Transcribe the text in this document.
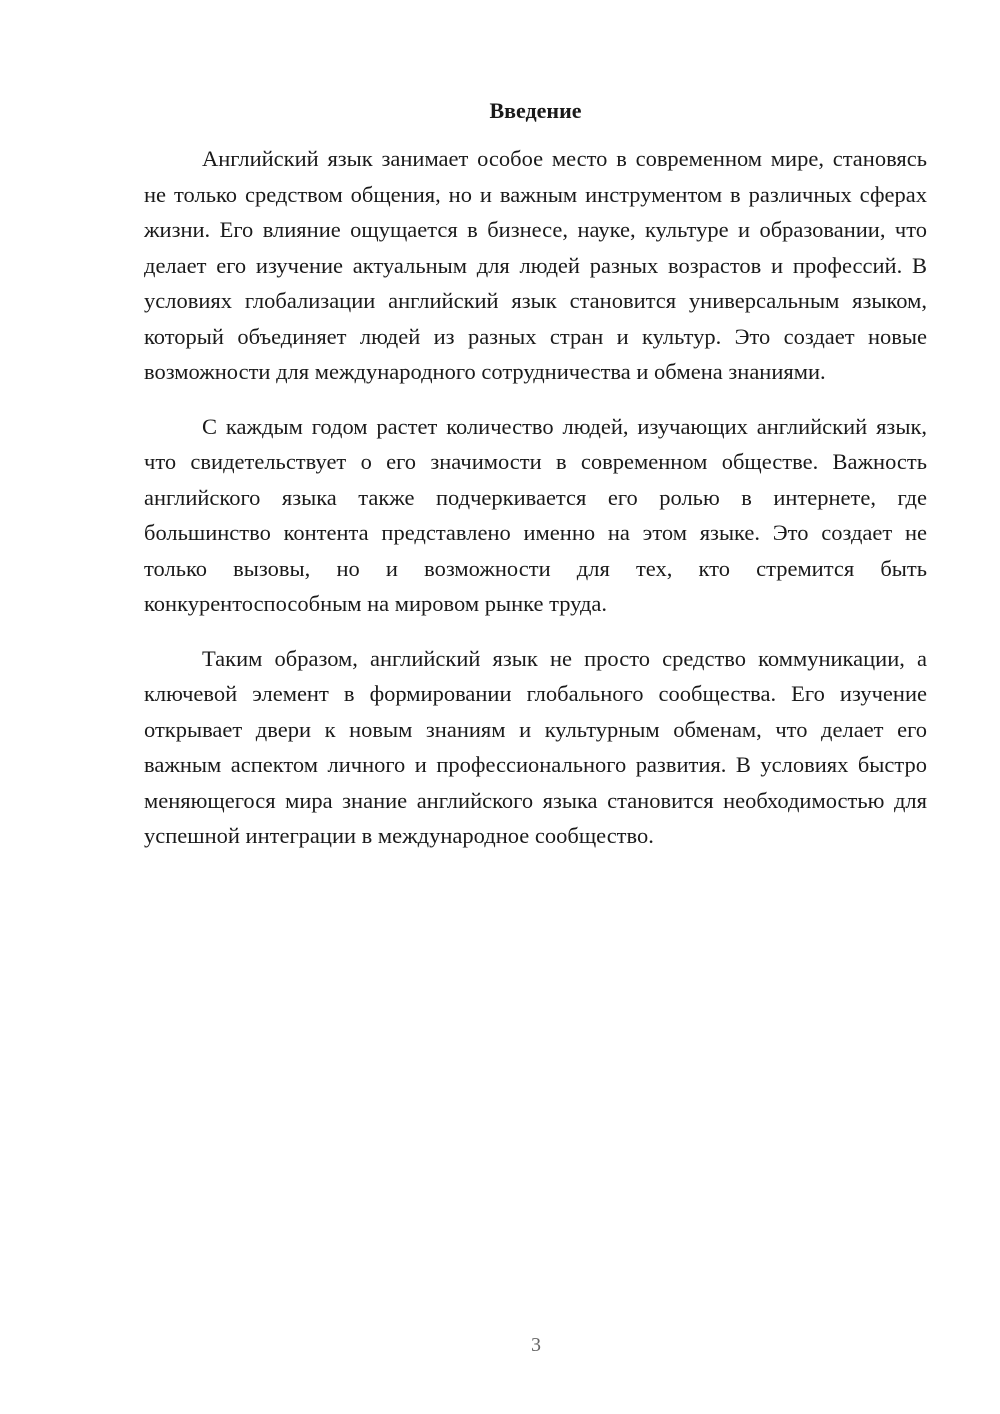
Введение

Английский язык занимает особое место в современном мире, становясь не только средством общения, но и важным инструментом в различных сферах жизни. Его влияние ощущается в бизнесе, науке, культуре и образовании, что делает его изучение актуальным для людей разных возрастов и профессий. В условиях глобализации английский язык становится универсальным языком, который объединяет людей из разных стран и культур. Это создает новые возможности для международного сотрудничества и обмена знаниями.

С каждым годом растет количество людей, изучающих английский язык, что свидетельствует о его значимости в современном обществе. Важность английского языка также подчеркивается его ролью в интернете, где большинство контента представлено именно на этом языке. Это создает не только вызовы, но и возможности для тех, кто стремится быть конкурентоспособным на мировом рынке труда.

Таким образом, английский язык не просто средство коммуникации, а ключевой элемент в формировании глобального сообщества. Его изучение открывает двери к новым знаниям и культурным обменам, что делает его важным аспектом личного и профессионального развития. В условиях быстро меняющегося мира знание английского языка становится необходимостью для успешной интеграции в международное сообщество.

3
